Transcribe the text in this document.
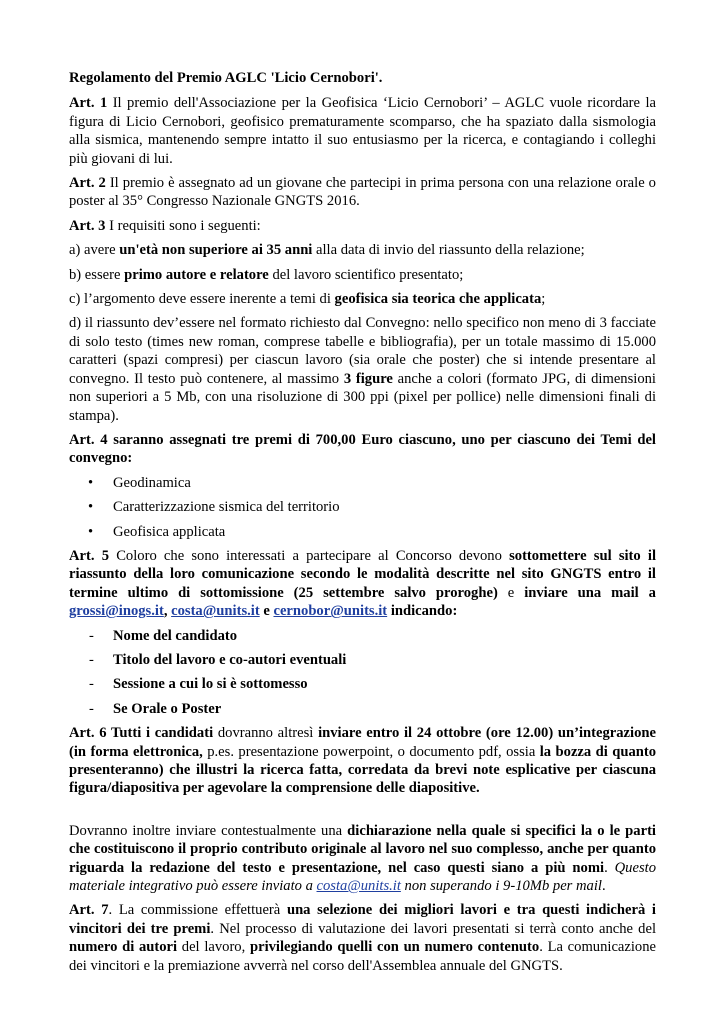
Regolamento del Premio AGLC 'Licio Cernobori'.

Art. 1 Il premio dell'Associazione per la Geofisica ‘Licio Cernobori’ – AGLC vuole ricordare la figura di Licio Cernobori, geofisico prematuramente scomparso, che ha spaziato dalla sismologia alla sismica, mantenendo sempre intatto il suo entusiasmo per la ricerca, e contagiando i colleghi più giovani di lui.

Art. 2 Il premio è assegnato ad un giovane che partecipi in prima persona con una relazione orale o poster al 35° Congresso Nazionale GNGTS 2016.

Art. 3 I requisiti sono i seguenti:

a) avere un'età non superiore ai 35 anni alla data di invio del riassunto della relazione;

b) essere primo autore e relatore del lavoro scientifico presentato;

c) l’argomento deve essere inerente a temi di geofisica sia teorica che applicata;

d) il riassunto dev’essere nel formato richiesto dal Convegno: nello specifico non meno di 3 facciate di solo testo (times new roman, comprese tabelle e bibliografia), per un totale massimo di 15.000 caratteri (spazi compresi) per ciascun lavoro (sia orale che poster) che si intende presentare al convegno. Il testo può contenere, al massimo 3 figure anche a colori (formato JPG, di dimensioni non superiori a 5 Mb, con una risoluzione di 300 ppi (pixel per pollice) nelle dimensioni finali di stampa).

Art. 4 saranno assegnati tre premi di 700,00 Euro ciascuno, uno per ciascuno dei Temi del convegno:

• Geodinamica
• Caratterizzazione sismica del territorio
• Geofisica applicata

Art. 5 Coloro che sono interessati a partecipare al Concorso devono sottomettere sul sito il riassunto della loro comunicazione secondo le modalità descritte nel sito GNGTS entro il termine ultimo di sottomissione (25 settembre salvo proroghe) e inviare una mail a grossi@inogs.it, costa@units.it e cernobor@units.it indicando:

- Nome del candidato
- Titolo del lavoro e co-autori eventuali
- Sessione a cui lo si è sottomesso
- Se Orale o Poster

Art. 6 Tutti i candidati dovranno altresì inviare entro il 24 ottobre (ore 12.00) un’integrazione (in forma elettronica, p.es. presentazione powerpoint, o documento pdf, ossia la bozza di quanto presenteranno) che illustri la ricerca fatta, corredata da brevi note esplicative per ciascuna figura/diapositiva per agevolare la comprensione delle diapositive.

Dovranno inoltre inviare contestualmente una dichiarazione nella quale si specifici la o le parti che costituiscono il proprio contributo originale al lavoro nel suo complesso, anche per quanto riguarda la redazione del testo e presentazione, nel caso questi siano a più nomi. Questo materiale integrativo può essere inviato a costa@units.it non superando i 9-10Mb per mail.

Art. 7. La commissione effettuerà una selezione dei migliori lavori e tra questi indicherà i vincitori dei tre premi. Nel processo di valutazione dei lavori presentati si terrà conto anche del numero di autori del lavoro, privilegiando quelli con un numero contenuto. La comunicazione dei vincitori e la premiazione avverrà nel corso dell'Assemblea annuale del GNGTS.
